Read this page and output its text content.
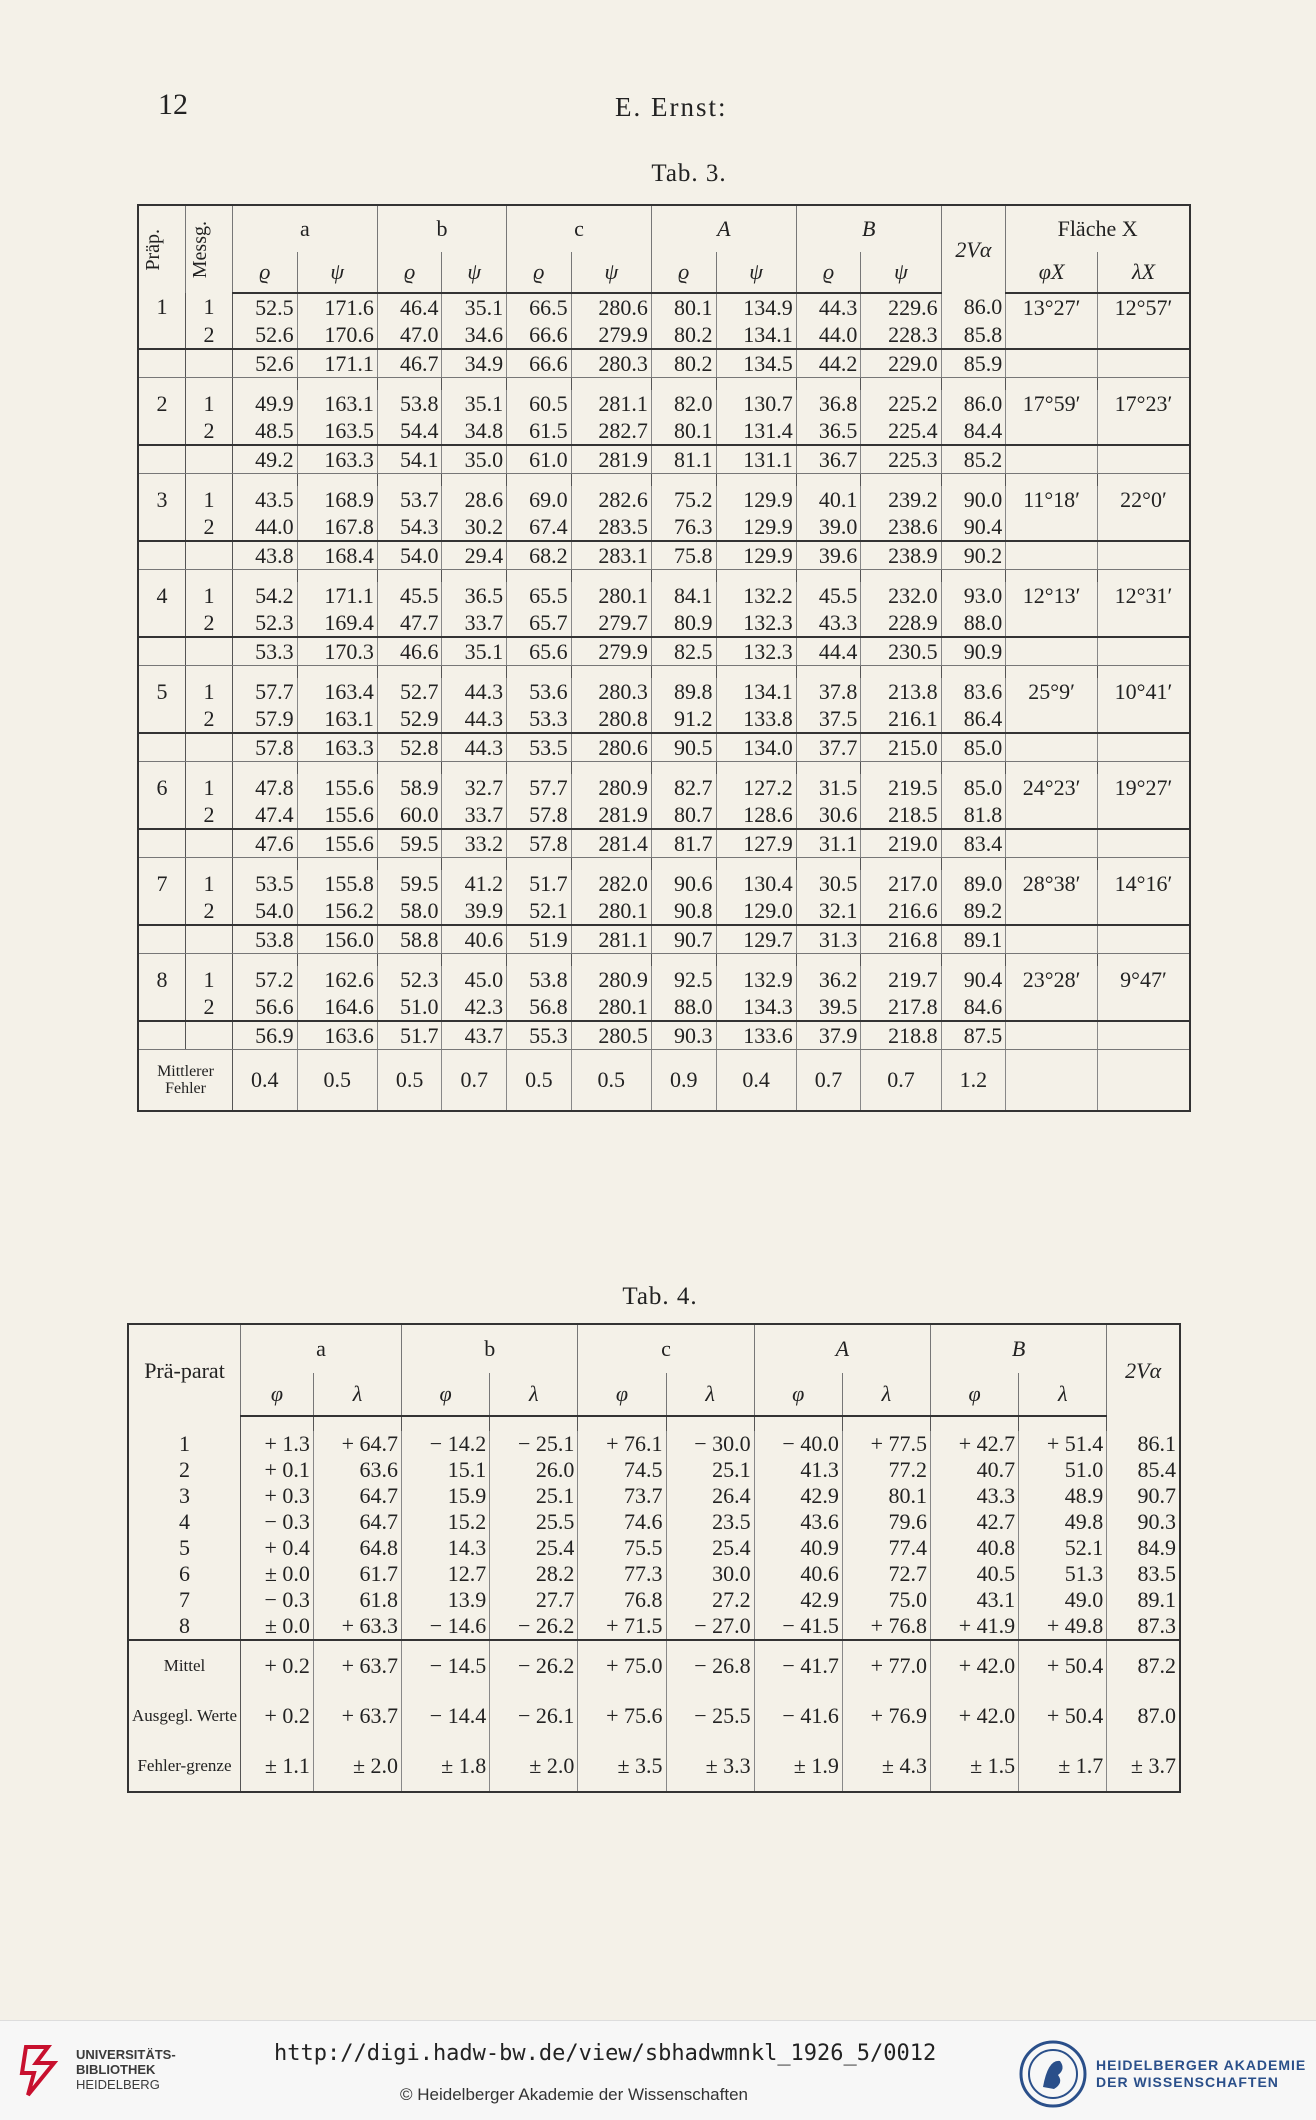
12	E. Ernst:
Tab. 3.
Präp.	Messg.	a		b		c		A		B		2Vα	Fläche X	
		ϱ	ψ	ϱ	ψ	ϱ	ψ	ϱ	ψ	ϱ	ψ		φX	λX
1	1	52.5	171.6	46.4	35.1	66.5	280.6	80.1	134.9	44.3	229.6	86.0	13°27′	12°57′
	2	52.6	170.6	47.0	34.6	66.6	279.9	80.2	134.1	44.0	228.3	85.8		
		52.6	171.1	46.7	34.9	66.6	280.3	80.2	134.5	44.2	229.0	85.9		

2	1	49.9	163.1	53.8	35.1	60.5	281.1	82.0	130.7	36.8	225.2	86.0	17°59′	17°23′
	2	48.5	163.5	54.4	34.8	61.5	282.7	80.1	131.4	36.5	225.4	84.4		
		49.2	163.3	54.1	35.0	61.0	281.9	81.1	131.1	36.7	225.3	85.2		

3	1	43.5	168.9	53.7	28.6	69.0	282.6	75.2	129.9	40.1	239.2	90.0	11°18′	22°0′
	2	44.0	167.8	54.3	30.2	67.4	283.5	76.3	129.9	39.0	238.6	90.4		
		43.8	168.4	54.0	29.4	68.2	283.1	75.8	129.9	39.6	238.9	90.2		

4	1	54.2	171.1	45.5	36.5	65.5	280.1	84.1	132.2	45.5	232.0	93.0	12°13′	12°31′
	2	52.3	169.4	47.7	33.7	65.7	279.7	80.9	132.3	43.3	228.9	88.0		
		53.3	170.3	46.6	35.1	65.6	279.9	82.5	132.3	44.4	230.5	90.9		

5	1	57.7	163.4	52.7	44.3	53.6	280.3	89.8	134.1	37.8	213.8	83.6	25°9′	10°41′
	2	57.9	163.1	52.9	44.3	53.3	280.8	91.2	133.8	37.5	216.1	86.4		
		57.8	163.3	52.8	44.3	53.5	280.6	90.5	134.0	37.7	215.0	85.0		

6	1	47.8	155.6	58.9	32.7	57.7	280.9	82.7	127.2	31.5	219.5	85.0	24°23′	19°27′
	2	47.4	155.6	60.0	33.7	57.8	281.9	80.7	128.6	30.6	218.5	81.8		
		47.6	155.6	59.5	33.2	57.8	281.4	81.7	127.9	31.1	219.0	83.4		

7	1	53.5	155.8	59.5	41.2	51.7	282.0	90.6	130.4	30.5	217.0	89.0	28°38′	14°16′
	2	54.0	156.2	58.0	39.9	52.1	280.1	90.8	129.0	32.1	216.6	89.2		
		53.8	156.0	58.8	40.6	51.9	281.1	90.7	129.7	31.3	216.8	89.1		

8	1	57.2	162.6	52.3	45.0	53.8	280.9	92.5	132.9	36.2	219.7	90.4	23°28′	9°47′
	2	56.6	164.6	51.0	42.3	56.8	280.1	88.0	134.3	39.5	217.8	84.6		
		56.9	163.6	51.7	43.7	55.3	280.5	90.3	133.6	37.9	218.8	87.5		
Mittlerer Fehler		0.4	0.5	0.5	0.7	0.5	0.5	0.9	0.4	0.7	0.7	1.2		
Tab. 4.
Prä-parat	a		b		c		A		B		2Vα
	φ	λ	φ	λ	φ	λ	φ	λ	φ	λ	

1	+ 1.3	+ 64.7	− 14.2	− 25.1	+ 76.1	− 30.0	− 40.0	+ 77.5	+ 42.7	+ 51.4	86.1
2	+ 0.1	63.6	15.1	26.0	74.5	25.1	41.3	77.2	40.7	51.0	85.4
3	+ 0.3	64.7	15.9	25.1	73.7	26.4	42.9	80.1	43.3	48.9	90.7
4	− 0.3	64.7	15.2	25.5	74.6	23.5	43.6	79.6	42.7	49.8	90.3
5	+ 0.4	64.8	14.3	25.4	75.5	25.4	40.9	77.4	40.8	52.1	84.9
6	± 0.0	61.7	12.7	28.2	77.3	30.0	40.6	72.7	40.5	51.3	83.5
7	− 0.3	61.8	13.9	27.7	76.8	27.2	42.9	75.0	43.1	49.0	89.1
8	± 0.0	+ 63.3	− 14.6	− 26.2	+ 71.5	− 27.0	− 41.5	+ 76.8	+ 41.9	+ 49.8	87.3
Mittel	+ 0.2	+ 63.7	− 14.5	− 26.2	+ 75.0	− 26.8	− 41.7	+ 77.0	+ 42.0	+ 50.4	87.2
Ausgegl. Werte	+ 0.2	+ 63.7	− 14.4	− 26.1	+ 75.6	− 25.5	− 41.6	+ 76.9	+ 42.0	+ 50.4	87.0
Fehler-grenze	± 1.1	± 2.0	± 1.8	± 2.0	± 3.5	± 3.3	± 1.9	± 4.3	± 1.5	± 1.7	± 3.7
UNIVERSITÄTS-
BIBLIOTHEK
HEIDELBERG
http://digi.hadw-bw.de/view/sbhadwmnkl_1926_5/0012
© Heidelberger Akademie der Wissenschaften
HEIDELBERGER AKADEMIE
DER WISSENSCHAFTEN
